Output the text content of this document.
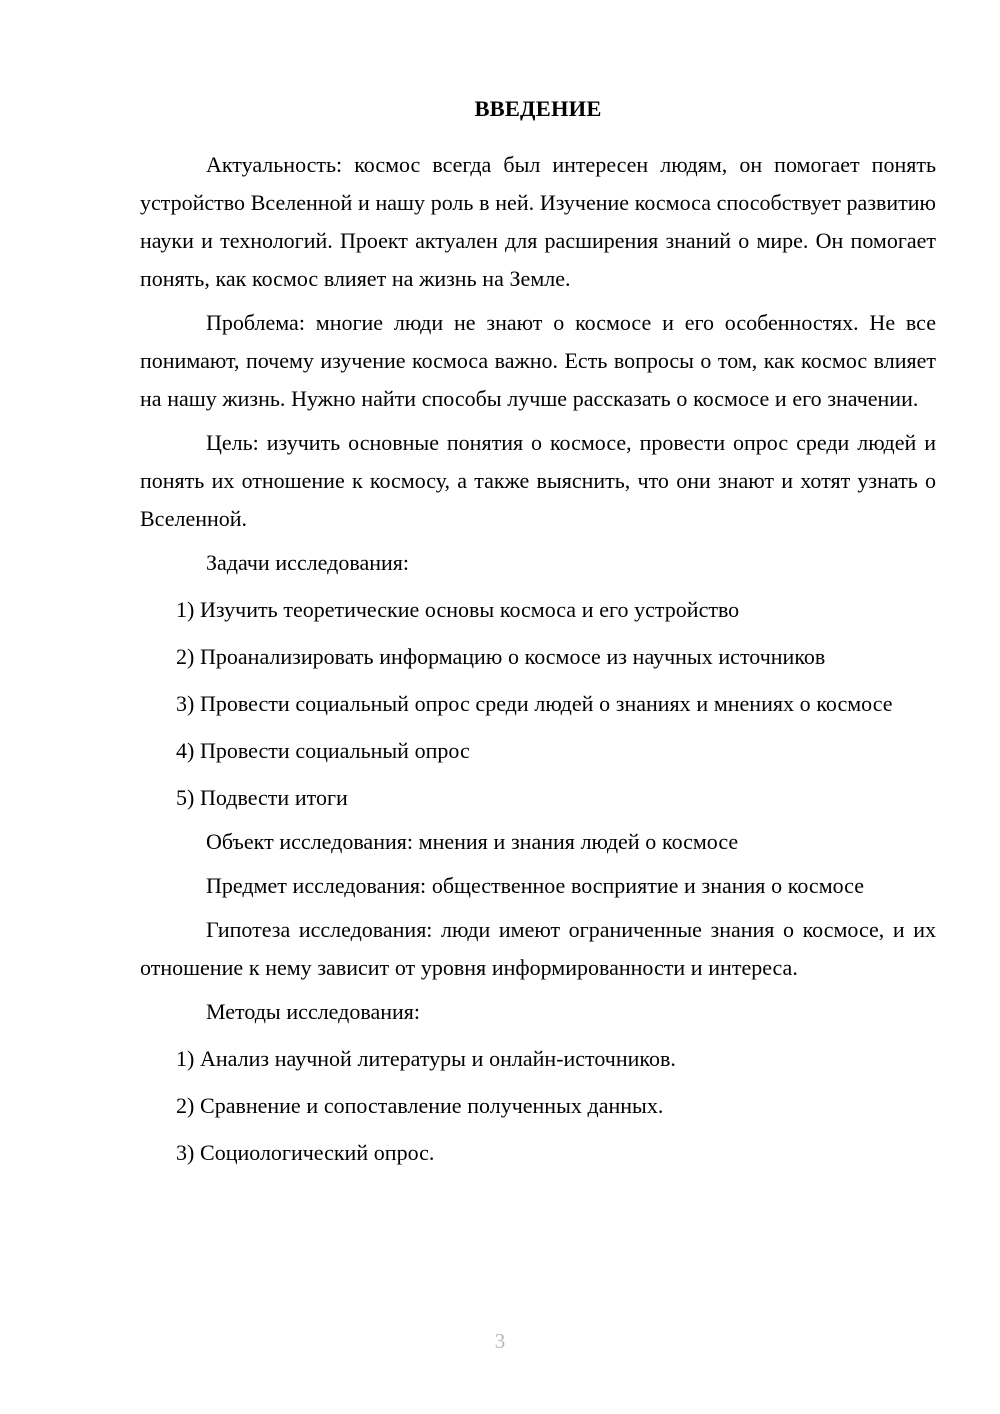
ВВЕДЕНИЕ

Актуальность: космос всегда был интересен людям, он помогает понять устройство Вселенной и нашу роль в ней. Изучение космоса способствует развитию науки и технологий. Проект актуален для расширения знаний о мире. Он помогает понять, как космос влияет на жизнь на Земле.

Проблема: многие люди не знают о космосе и его особенностях. Не все понимают, почему изучение космоса важно. Есть вопросы о том, как космос влияет на нашу жизнь. Нужно найти способы лучше рассказать о космосе и его значении.

Цель: изучить основные понятия о космосе, провести опрос среди людей и понять их отношение к космосу, а также выяснить, что они знают и хотят узнать о Вселенной.

Задачи исследования:

1) Изучить теоретические основы космоса и его устройство

2) Проанализировать информацию о космосе из научных источников

3) Провести социальный опрос среди людей о знаниях и мнениях о космосе

4) Провести социальный опрос

5) Подвести итоги

Объект исследования: мнения и знания людей о космосе

Предмет исследования: общественное восприятие и знания о космосе

Гипотеза исследования: люди имеют ограниченные знания о космосе, и их отношение к нему зависит от уровня информированности и интереса.

Методы исследования:

1) Анализ научной литературы и онлайн-источников.

2) Сравнение и сопоставление полученных данных.

3) Социологический опрос.

3
